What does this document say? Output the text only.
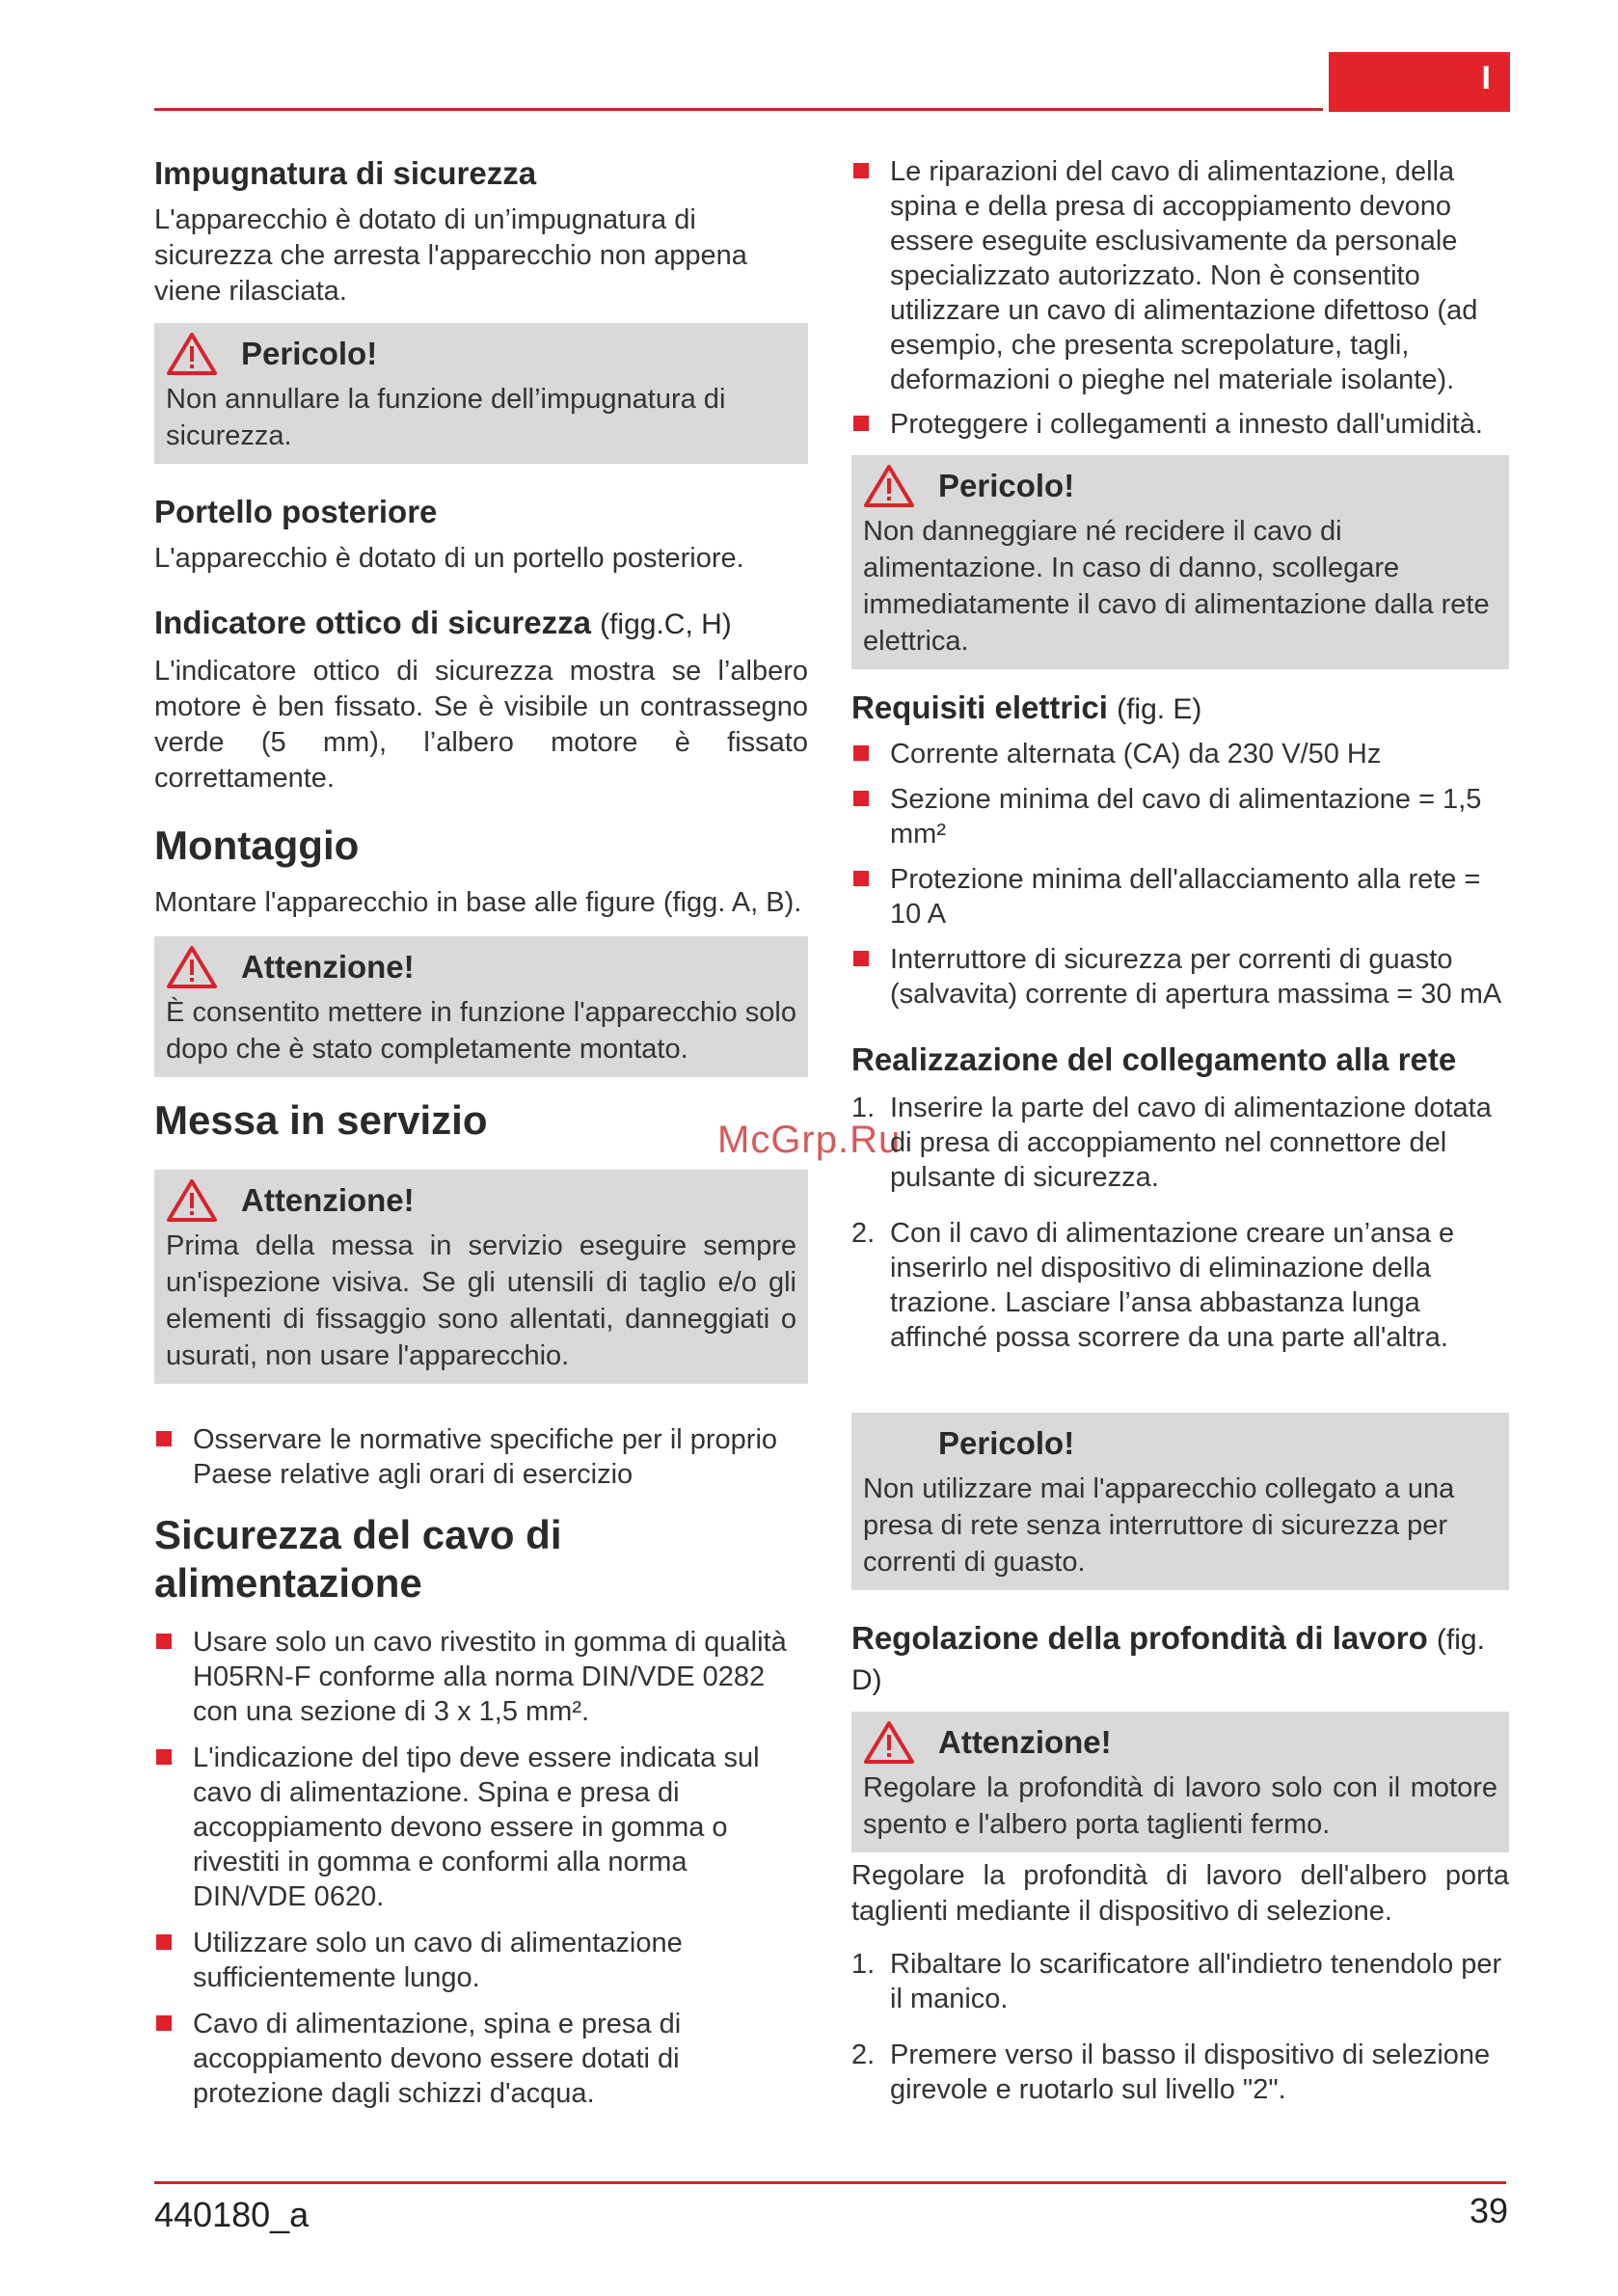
I
McGrp.Ru
440180_a	39
Impugnatura di sicurezza

L'apparecchio è dotato di un’impugnatura di sicurezza che arresta l'apparecchio non appena viene rilasciata.

Pericolo!
Non annullare la funzione dell’impugnatura di sicurezza.
Portello posteriore

L'apparecchio è dotato di un portello posteriore.

Indicatore ottico di sicurezza (figg.C, H)

L'indicatore ottico di sicurezza mostra se l’albero motore è ben fissato. Se è visibile un contrassegno verde (5 mm), l’albero motore è fissato correttamente.

Montaggio

Montare l'apparecchio in base alle figure (figg. A, B).

Attenzione!
È consentito mettere in funzione l'apparecchio solo dopo che è stato completamente montato.
Messa in servizio
Attenzione!
Prima della messa in servizio eseguire sempre un'ispezione visiva. Se gli utensili di taglio e/o gli elementi di fissaggio sono allentati, danneggiati o usurati, non usare l'apparecchio.
Osservare le normative specifiche per il proprio Paese relative agli orari di esercizio
Sicurezza del cavo di alimentazione
Usare solo un cavo rivestito in gomma di qualità H05RN-F conforme alla norma DIN/VDE 0282 con una sezione di 3 x 1,5 mm².
L'indicazione del tipo deve essere indicata sul cavo di alimentazione. Spina e presa di accoppiamento devono essere in gomma o rivestiti in gomma e conformi alla norma DIN/VDE 0620.
Utilizzare solo un cavo di alimentazione sufficientemente lungo.
Cavo di alimentazione, spina e presa di accoppiamento devono essere dotati di protezione dagli schizzi d'acqua.
Le riparazioni del cavo di alimentazione, della spina e della presa di accoppiamento devono essere eseguite esclusivamente da personale specializzato autorizzato. Non è consentito utilizzare un cavo di alimentazione difettoso (ad esempio, che presenta screpolature, tagli, deformazioni o pieghe nel materiale isolante).
Proteggere i collegamenti a innesto dall'umidità.
Pericolo!
Non danneggiare né recidere il cavo di alimentazione. In caso di danno, scollegare immediatamente il cavo di alimentazione dalla rete elettrica.
Requisiti elettrici (fig. E)
Corrente alternata (CA) da 230 V/50 Hz
Sezione minima del cavo di alimentazione = 1,5 mm²
Protezione minima dell'allacciamento alla rete = 10 A
Interruttore di sicurezza per correnti di guasto (salvavita) corrente di apertura massima = 30 mA
Realizzazione del collegamento alla rete
1. Inserire la parte del cavo di alimentazione dotata di presa di accoppiamento nel connettore del pulsante di sicurezza.
2. Con il cavo di alimentazione creare un’ansa e inserirlo nel dispositivo di eliminazione della trazione. Lasciare l’ansa abbastanza lunga affinché possa scorrere da una parte all'altra.
Pericolo!
Non utilizzare mai l'apparecchio collegato a una presa di rete senza interruttore di sicurezza per correnti di guasto.
Regolazione della profondità di lavoro (fig. D)
Attenzione!
Regolare la profondità di lavoro solo con il motore spento e l'albero porta taglienti fermo.

Regolare la profondità di lavoro dell'albero porta taglienti mediante il dispositivo di selezione.

1. Ribaltare lo scarificatore all'indietro tenendolo per il manico.
2. Premere verso il basso il dispositivo di selezione girevole e ruotarlo sul livello "2".
